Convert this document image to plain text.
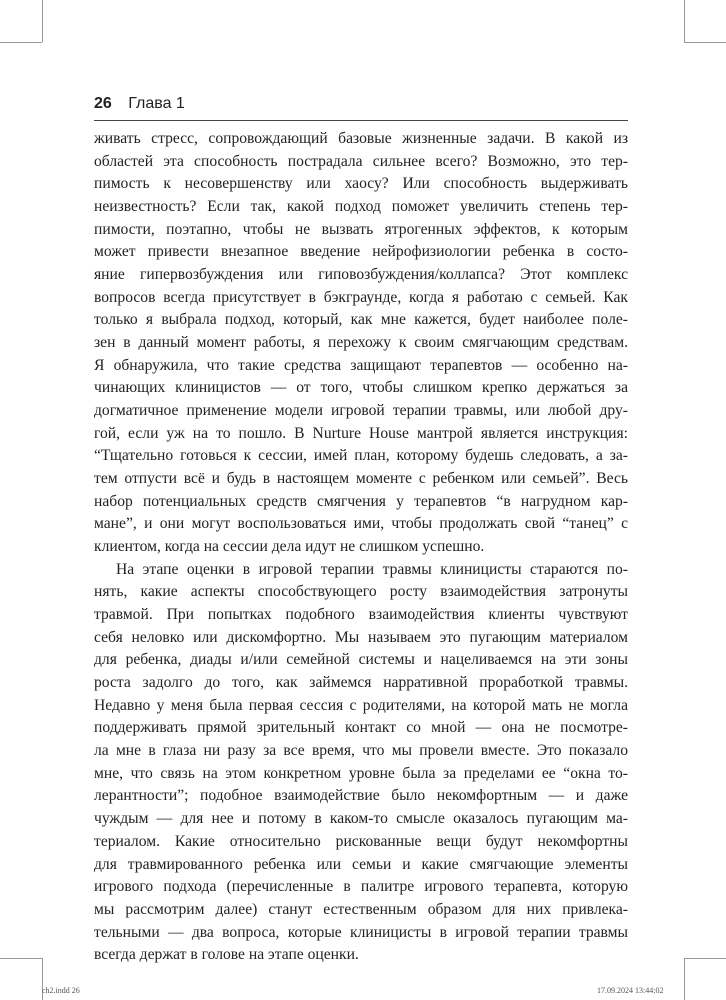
26 Глава 1
живать стресс, сопровождающий базовые жизненные задачи. В какой из
областей эта способность пострадала сильнее всего? Возможно, это тер-
пимость к несовершенству или хаосу? Или способность выдерживать
неизвестность? Если так, какой подход поможет увеличить степень тер-
пимости, поэтапно, чтобы не вызвать ятрогенных эффектов, к которым
может привести внезапное введение нейрофизиологии ребенка в состо-
яние гипервозбуждения или гиповозбуждения/коллапса? Этот комплекс
вопросов всегда присутствует в бэкграунде, когда я работаю с семьей. Как
только я выбрала подход, который, как мне кажется, будет наиболее поле-
зен в данный момент работы, я перехожу к своим смягчающим средствам.
Я обнаружила, что такие средства защищают терапевтов — особенно на-
чинающих клиницистов — от того, чтобы слишком крепко держаться за
догматичное применение модели игровой терапии травмы, или любой дру-
гой, если уж на то пошло. В Nurture House мантрой является инструкция:
“Тщательно готовься к сессии, имей план, которому будешь следовать, а за-
тем отпусти всё и будь в настоящем моменте с ребенком или семьей”. Весь
набор потенциальных средств смягчения у терапевтов “в нагрудном кар-
мане”, и они могут воспользоваться ими, чтобы продолжать свой “танец” с
клиентом, когда на сессии дела идут не слишком успешно.
На этапе оценки в игровой терапии травмы клиницисты стараются по-
нять, какие аспекты способствующего росту взаимодействия затронуты
травмой. При попытках подобного взаимодействия клиенты чувствуют
себя неловко или дискомфортно. Мы называем это пугающим материалом
для ребенка, диады и/или семейной системы и нацеливаемся на эти зоны
роста задолго до того, как займемся нарративной проработкой травмы.
Недавно у меня была первая сессия с родителями, на которой мать не могла
поддерживать прямой зрительный контакт со мной — она не посмотре-
ла мне в глаза ни разу за все время, что мы провели вместе. Это показало
мне, что связь на этом конкретном уровне была за пределами ее “окна то-
лерантности”; подобное взаимодействие было некомфортным — и даже
чуждым — для нее и потому в каком-то смысле оказалось пугающим ма-
териалом. Какие относительно рискованные вещи будут некомфортны
для травмированного ребенка или семьи и какие смягчающие элементы
игрового подхода (перечисленные в палитре игрового терапевта, которую
мы рассмотрим далее) станут естественным образом для них привлека-
тельными — два вопроса, которые клиницисты в игровой терапии травмы
всегда держат в голове на этапе оценки.
ch2.indd 26	17.09.2024 13:44:02
